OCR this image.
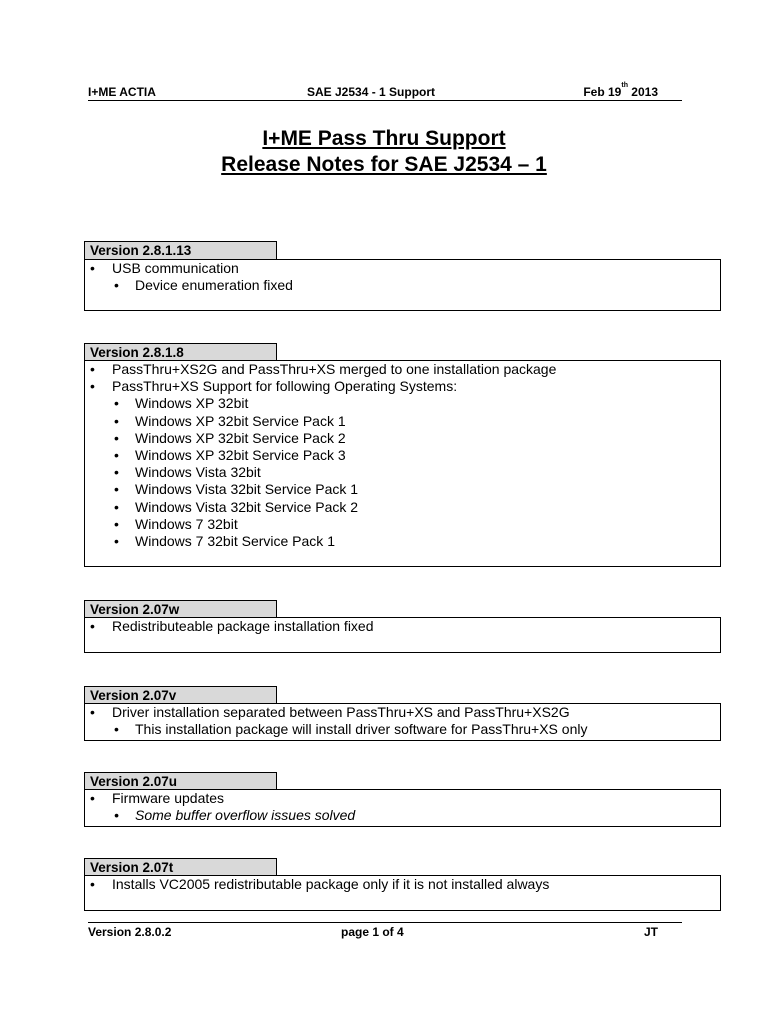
I+ME ACTIA	SAE J2534 - 1 Support	Feb 19th 2013
I+ME Pass Thru Support
Release Notes for SAE J2534 – 1
Version 2.8.1.13
• USB communication
• Device enumeration fixed
Version 2.8.1.8
• PassThru+XS2G and PassThru+XS merged to one installation package
• PassThru+XS Support for following Operating Systems:
• Windows XP 32bit
• Windows XP 32bit Service Pack 1
• Windows XP 32bit Service Pack 2
• Windows XP 32bit Service Pack 3
• Windows Vista 32bit
• Windows Vista 32bit Service Pack 1
• Windows Vista 32bit Service Pack 2
• Windows 7 32bit
• Windows 7 32bit Service Pack 1
Version 2.07w
• Redistributeable package installation fixed
Version 2.07v
• Driver installation separated between PassThru+XS and PassThru+XS2G
• This installation package will install driver software for PassThru+XS only
Version 2.07u
• Firmware updates
• Some buffer overflow issues solved
Version 2.07t
• Installs VC2005 redistributable package only if it is not installed always
Version 2.8.0.2	page 1 of 4	JT
